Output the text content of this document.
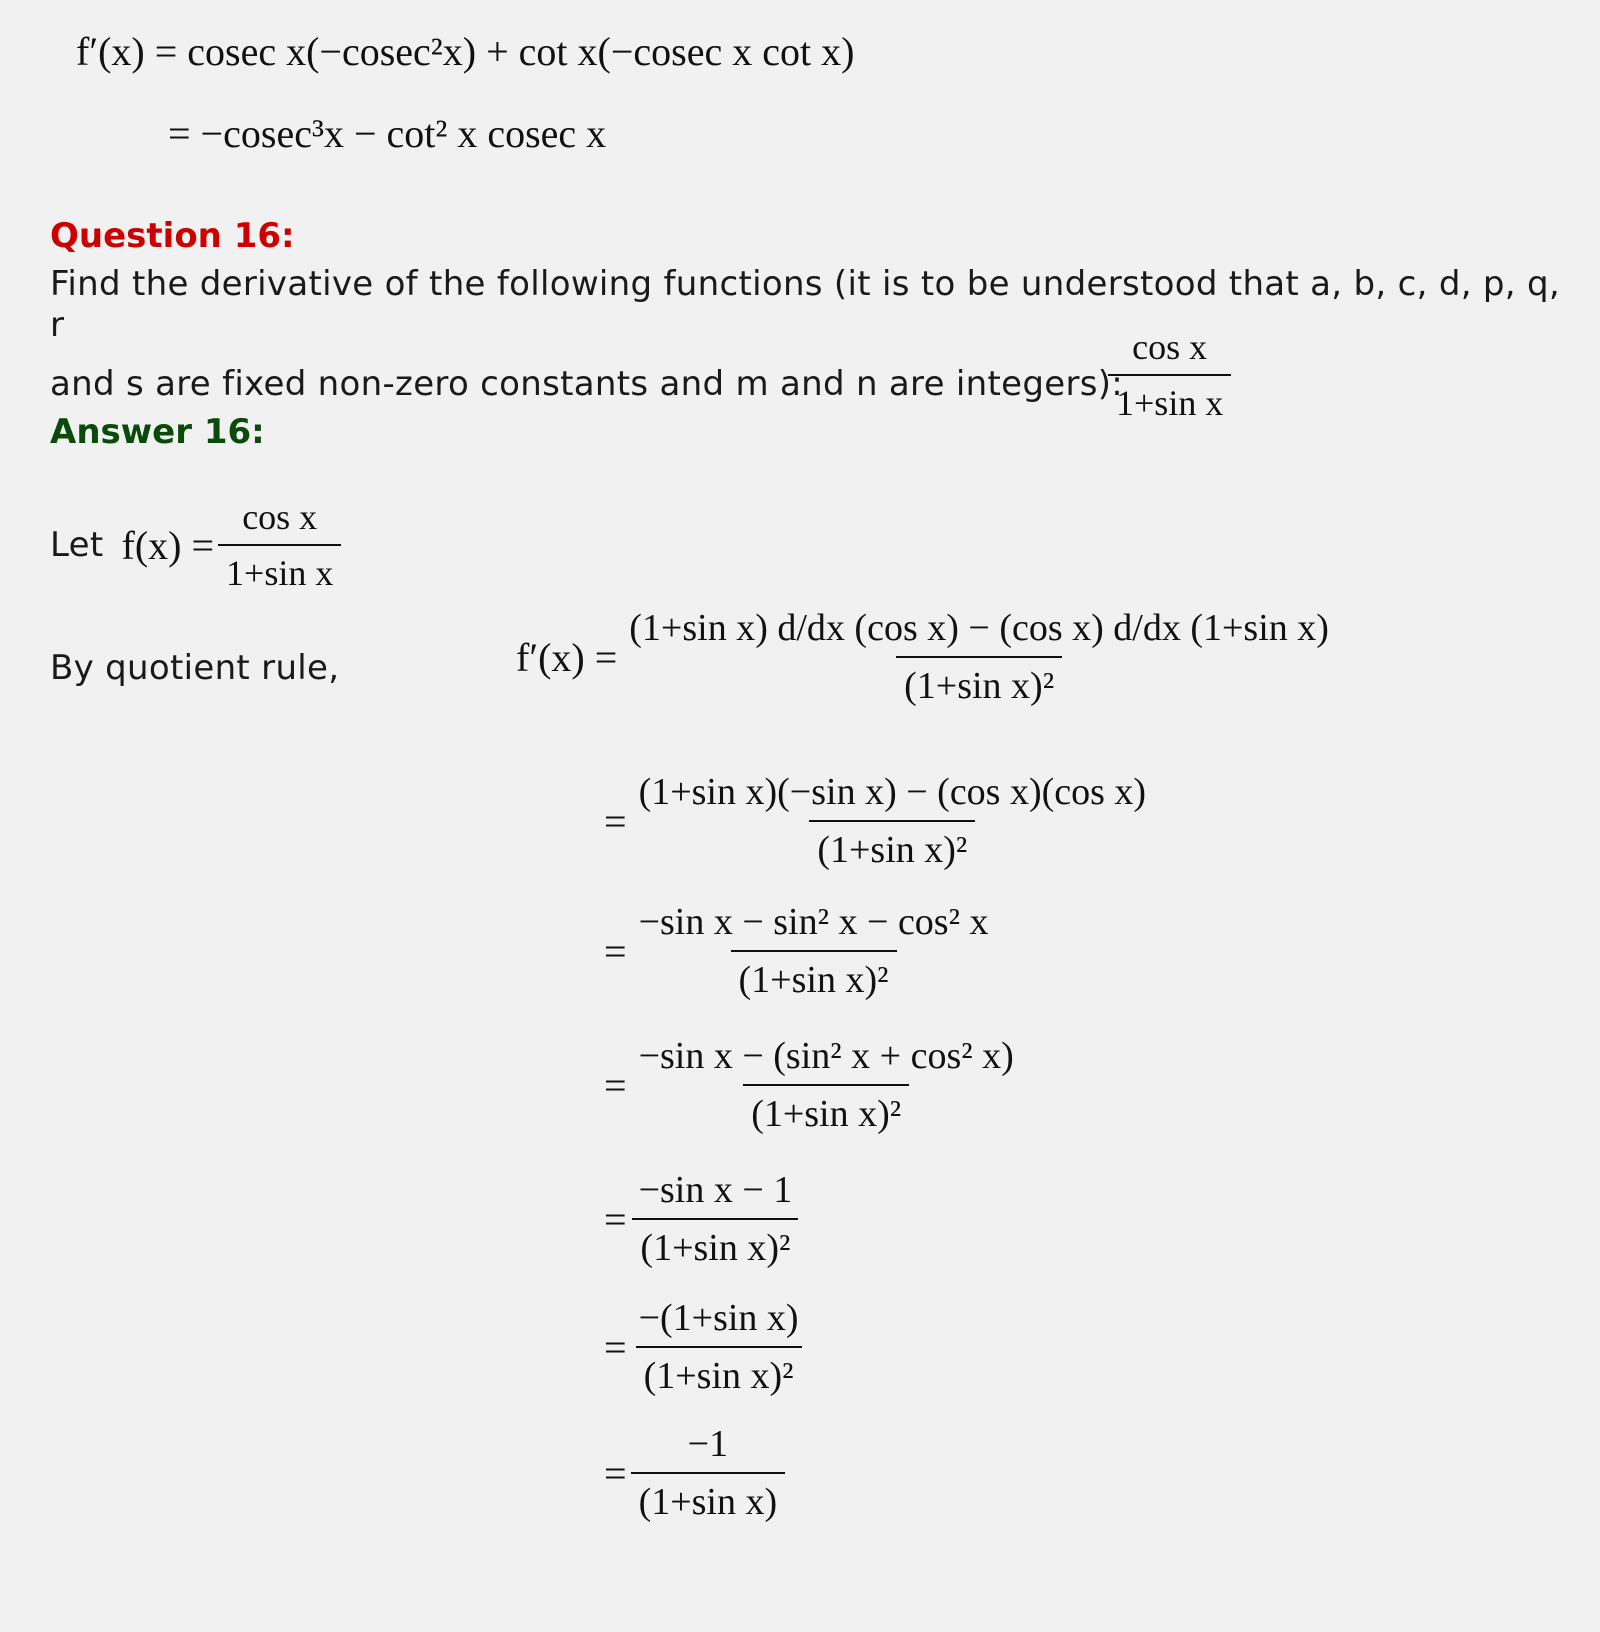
f′(x) = cosec x(−cosec²x) + cot x(−cosec x cot x)
= −cosec³x − cot² x cosec x
Question 16:
Find the derivative of the following functions (it is to be understood that a, b, c, d, p, q, r
and s are fixed non-zero constants and m and n are integers):
$\frac{\text{cos x}}{\text{1+sin x}}$
Answer 16:
Let $f(x) = \frac{\text{cos x}}{\text{1+sin x}}$
By quotient rule,	$f'(x) = \frac{\text{(1+sin x) d/dx (cos x) − (cos x) d/dx (1+sin x)}}{\text{(1+sin x)²}}$
= $\frac{\text{(1+sin x)(−sin x) − (cos x)(cos x)}}{\text{(1+sin x)²}}$
= $\frac{\text{−sin x − sin² x − cos² x}}{\text{(1+sin x)²}}$
= $\frac{\text{−sin x − (sin² x + cos² x)}}{\text{(1+sin x)²}}$
= $\frac{\text{−sin x − 1}}{\text{(1+sin x)²}}$
= $\frac{\text{−(1+sin x)}}{\text{(1+sin x)²}}$
= $\frac{-1}{\text{(1+sin x)}}$
